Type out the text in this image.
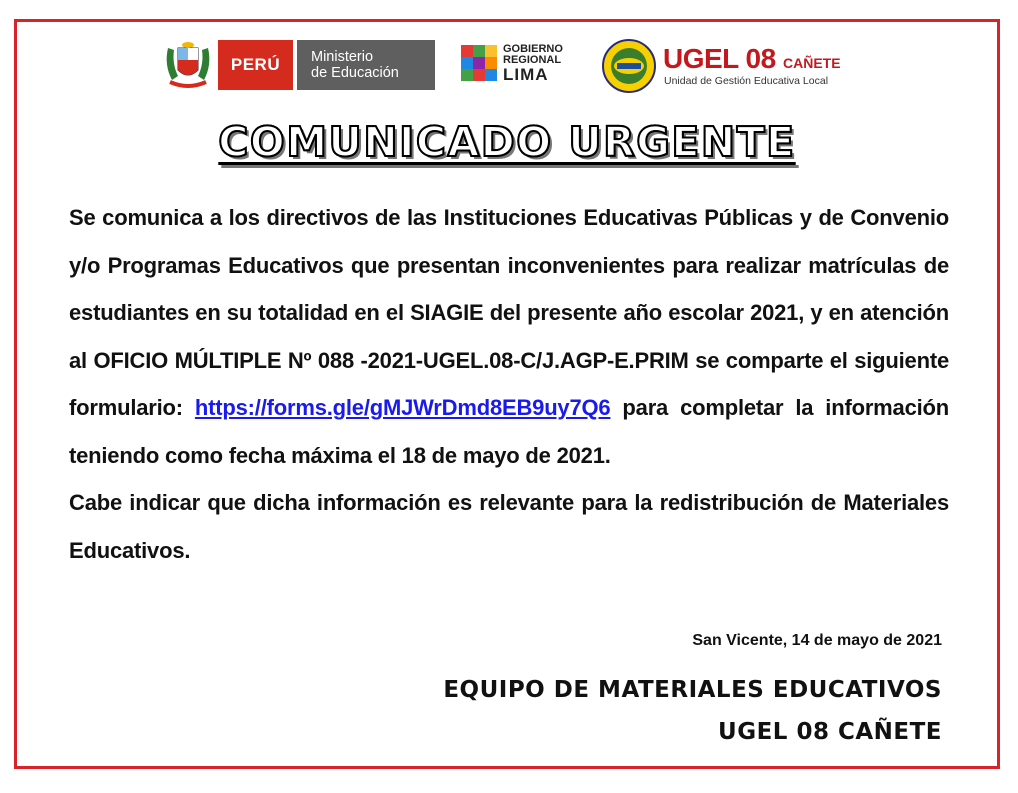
PERÚ	Ministerio
de Educación
GOBIERNO
REGIONAL
LIMA
UGEL 08 CAÑETE
Unidad de Gestión Educativa Local
COMUNICADO URGENTE

Se comunica a los directivos de las Instituciones Educativas Públicas y de Convenio y/o Programas Educativos que presentan inconvenientes para realizar matrículas de estudiantes en su totalidad en el SIAGIE del presente año escolar 2021, y en atención al OFICIO MÚLTIPLE Nº 088 -2021-UGEL.08-C/J.AGP-E.PRIM se comparte el siguiente formulario: https://forms.gle/gMJWrDmd8EB9uy7Q6 para completar la información teniendo como fecha máxima el 18 de mayo de 2021.

Cabe indicar que dicha información es relevante para la redistribución de Materiales Educativos.

San Vicente, 14 de mayo de 2021
EQUIPO DE MATERIALES EDUCATIVOS
UGEL 08 CAÑETE
